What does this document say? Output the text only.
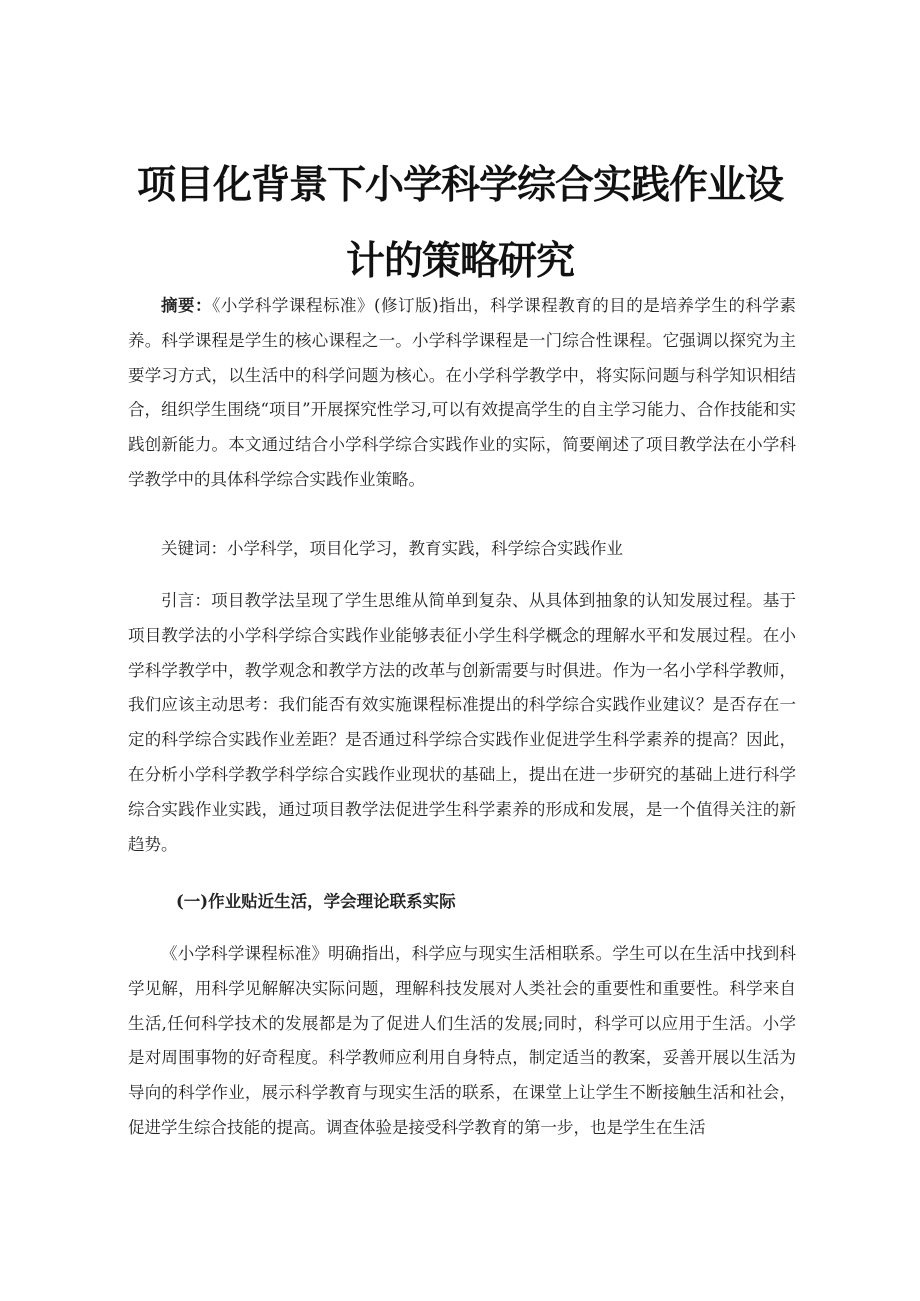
项目化背景下小学科学综合实践作业设
计的策略研究

摘要：《小学科学课程标准》(修订版)指出，科学课程教育的目的是培养学生的科学素养。科学课程是学生的核心课程之一。小学科学课程是一门综合性课程。它强调以探究为主要学习方式，以生活中的科学问题为核心。在小学科学教学中，将实际问题与科学知识相结合，组织学生围绕“项目”开展探究性学习,可以有效提高学生的自主学习能力、合作技能和实践创新能力。本文通过结合小学科学综合实践作业的实际，简要阐述了项目教学法在小学科学教学中的具体科学综合实践作业策略。

关键词：小学科学，项目化学习，教育实践，科学综合实践作业

引言：项目教学法呈现了学生思维从简单到复杂、从具体到抽象的认知发展过程。基于项目教学法的小学科学综合实践作业能够表征小学生科学概念的理解水平和发展过程。在小学科学教学中，教学观念和教学方法的改革与创新需要与时俱进。作为一名小学科学教师，我们应该主动思考：我们能否有效实施课程标准提出的科学综合实践作业建议？是否存在一定的科学综合实践作业差距？是否通过科学综合实践作业促进学生科学素养的提高？因此，在分析小学科学教学科学综合实践作业现状的基础上，提出在进一步研究的基础上进行科学综合实践作业实践，通过项目教学法促进学生科学素养的形成和发展，是一个值得关注的新趋势。

(一)作业贴近生活，学会理论联系实际

《小学科学课程标准》明确指出，科学应与现实生活相联系。学生可以在生活中找到科学见解，用科学见解解决实际问题，理解科技发展对人类社会的重要性和重要性。科学来自生活,任何科学技术的发展都是为了促进人们生活的发展;同时，科学可以应用于生活。小学是对周围事物的好奇程度。科学教师应利用自身特点，制定适当的教案，妥善开展以生活为导向的科学作业，展示科学教育与现实生活的联系，在课堂上让学生不断接触生活和社会，促进学生综合技能的提高。调查体验是接受科学教育的第一步，也是学生在生活
